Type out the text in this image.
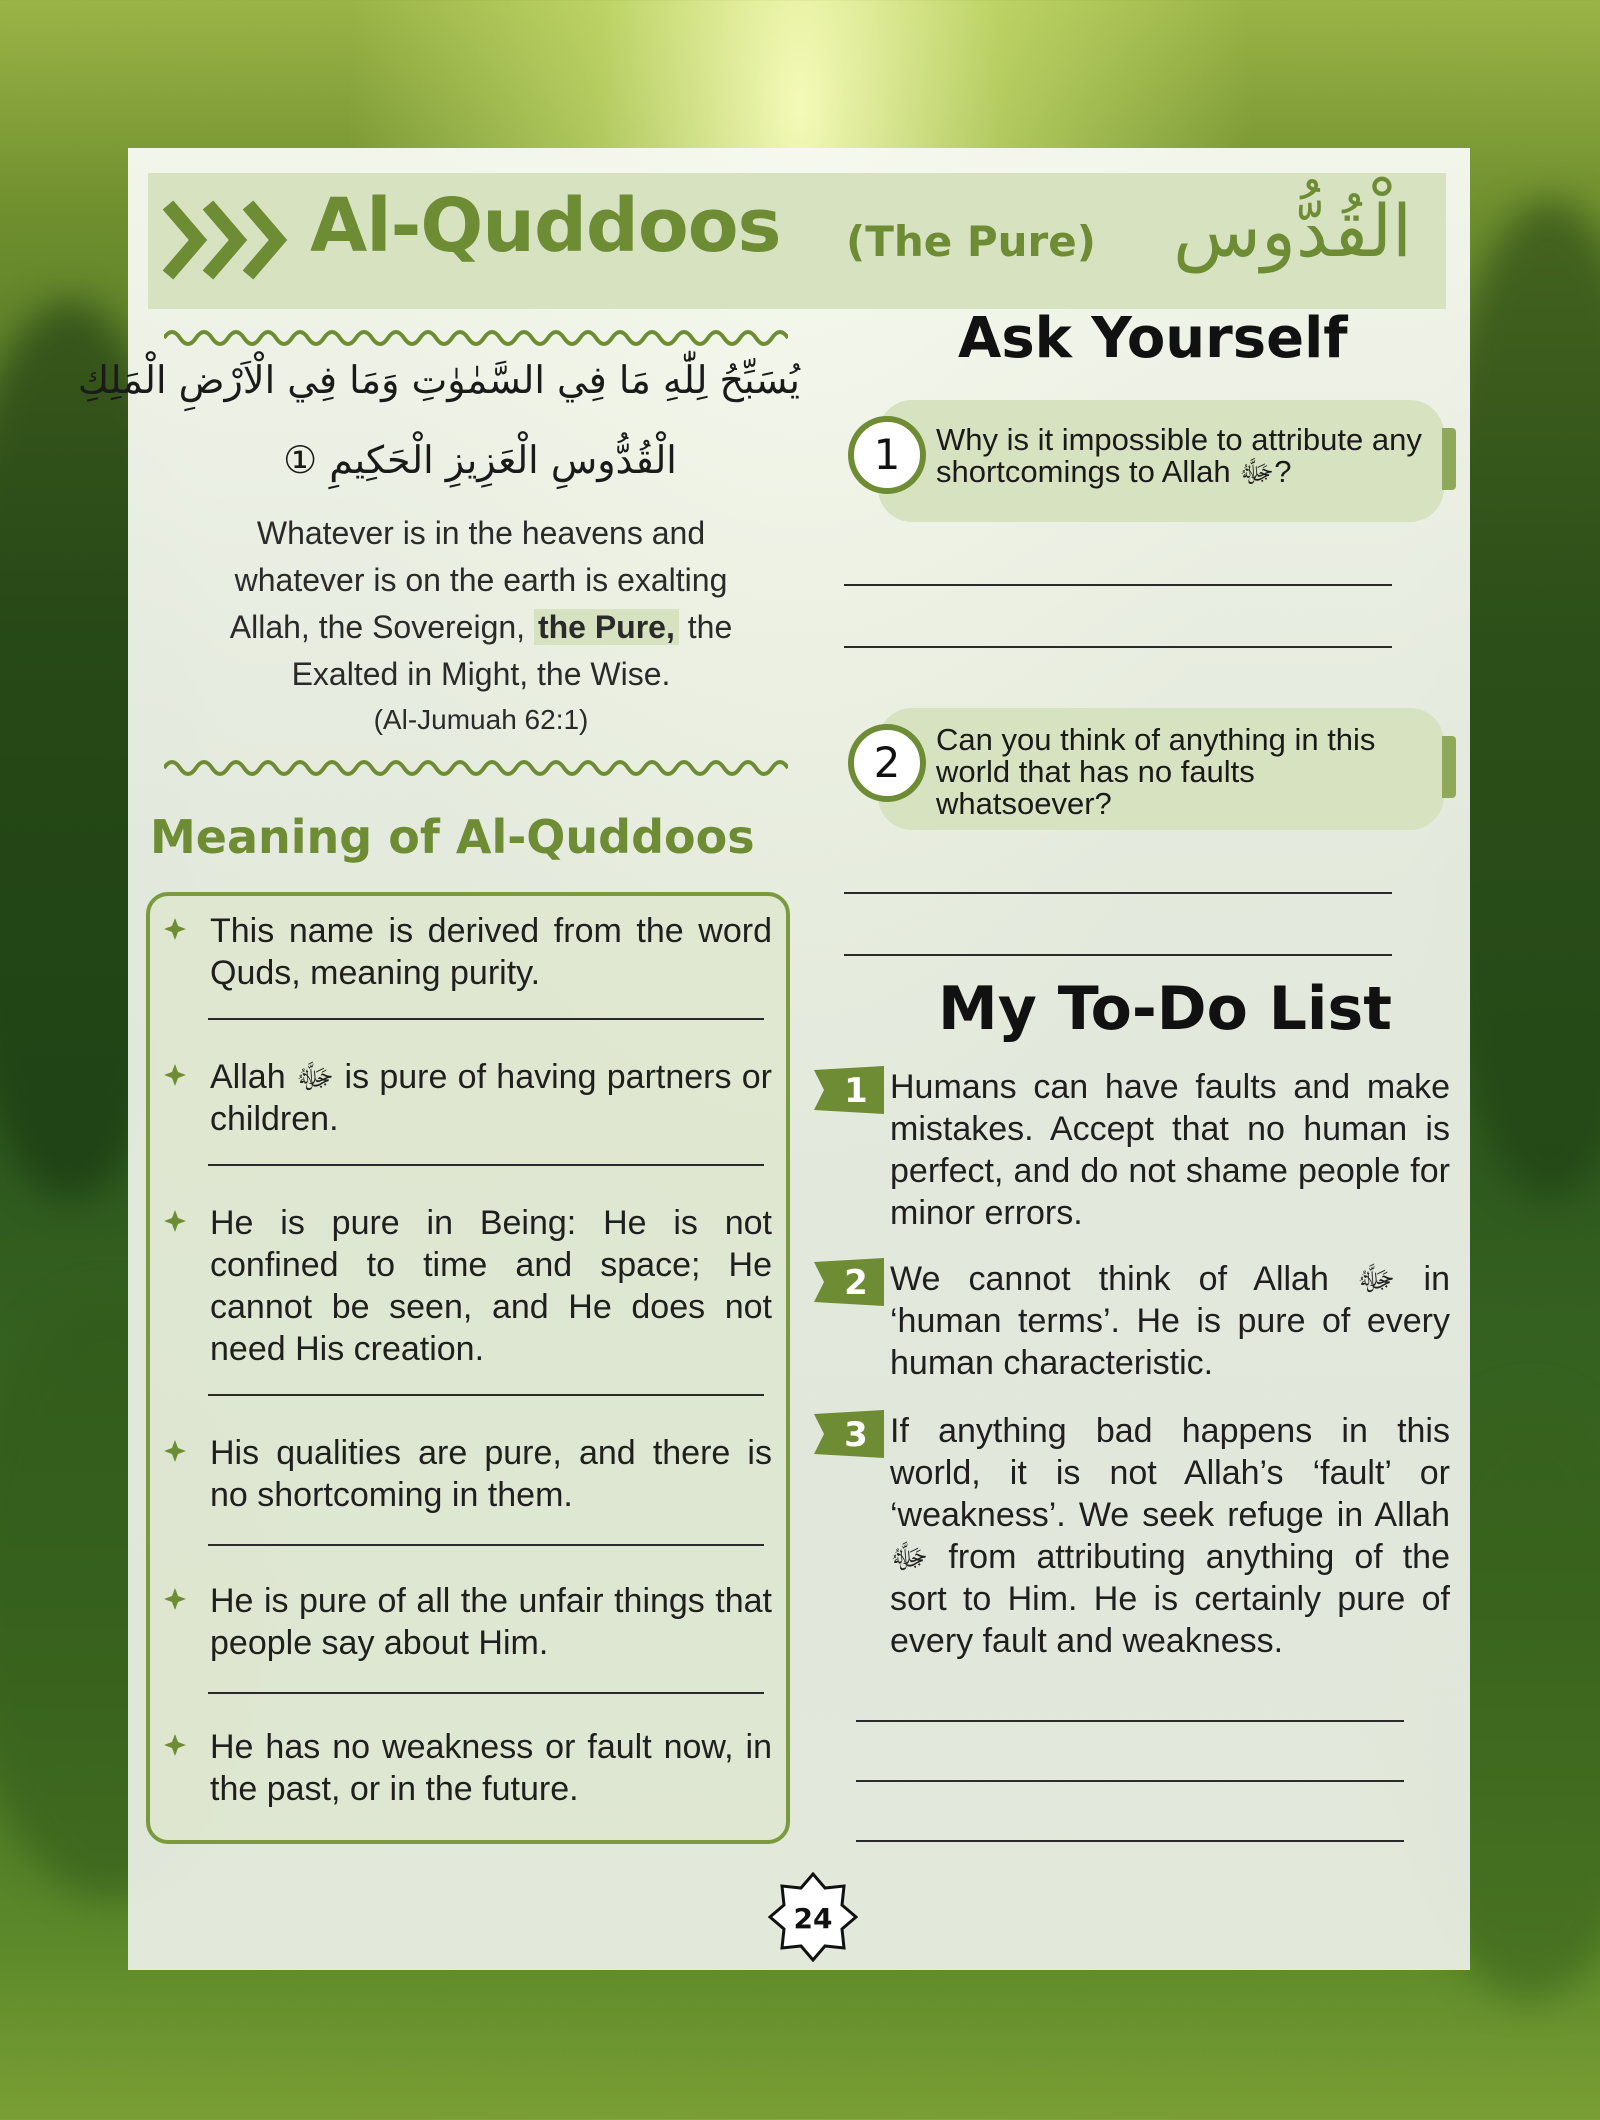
Al-Quddoos (The Pure) الْقُدُّوس
يُسَبِّحُ لِلّٰهِ مَا فِي السَّمٰوٰتِ وَمَا فِي الْاَرْضِ الْمَلِكِ
الْقُدُّوسِ الْعَزِيزِ الْحَكِيمِ ①
Whatever is in the heavens and whatever is on the earth is exalting Allah, the Sovereign, the Pure, the Exalted in Might, the Wise.
(Al-Jumuah 62:1)
Meaning of Al-Quddoos
This name is derived from the word Quds, meaning purity.
Allah ﷻ is pure of having partners or children.
He is pure in Being: He is not confined to time and space; He cannot be seen, and He does not need His creation.
His qualities are pure, and there is no shortcoming in them.
He is pure of all the unfair things that people say about Him.
He has no weakness or fault now, in the past, or in the future.
Ask Yourself
1	Why is it impossible to attribute any shortcomings to Allah ﷻ?
2	Can you think of anything in this world that has no faults whatsoever?
My To-Do List
1 Humans can have faults and make mistakes. Accept that no human is perfect, and do not shame people for minor errors.
2 We cannot think of Allah ﷻ in ‘human terms’. He is pure of every human characteristic.
3 If anything bad happens in this world, it is not Allah’s ‘fault’ or ‘weakness’. We seek refuge in Allah ﷻ from attributing anything of the sort to Him. He is certainly pure of every fault and weakness.
24
